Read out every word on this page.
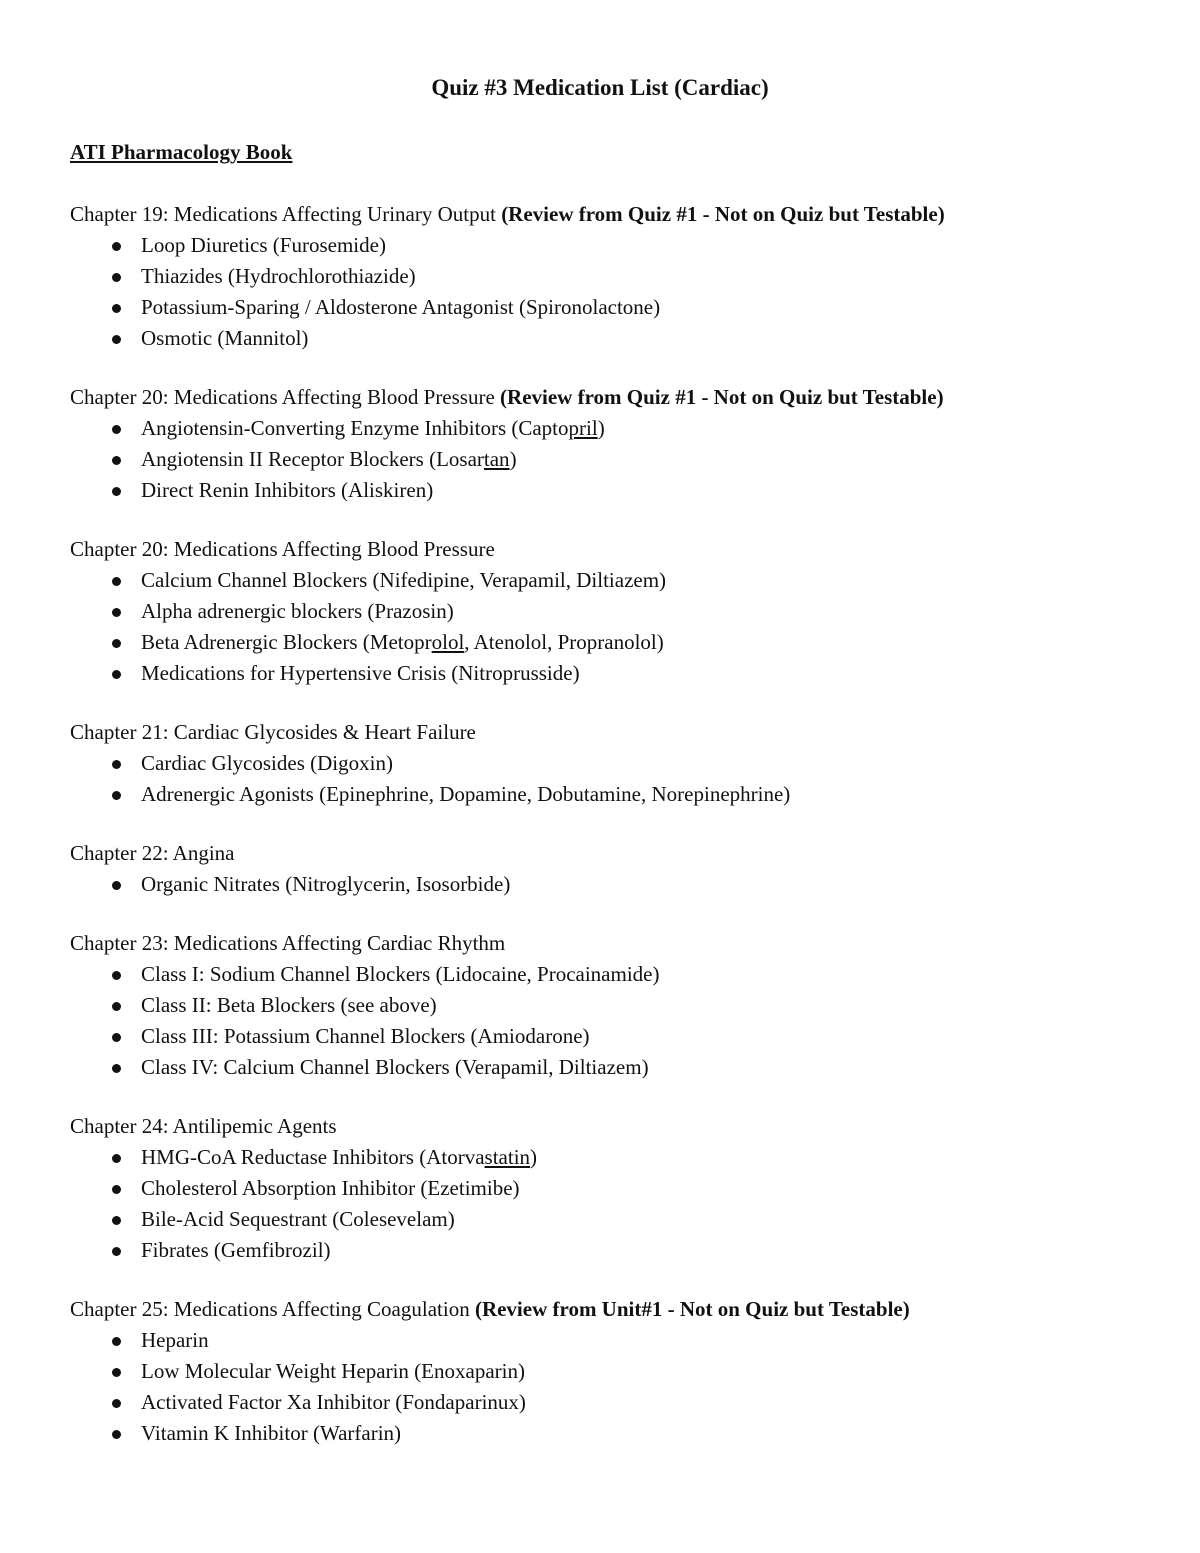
Quiz #3 Medication List (Cardiac)
ATI Pharmacology Book
Chapter 19: Medications Affecting Urinary Output (Review from Quiz #1 - Not on Quiz but Testable)
Loop Diuretics (Furosemide)
Thiazides (Hydrochlorothiazide)
Potassium-Sparing / Aldosterone Antagonist (Spironolactone)
Osmotic (Mannitol)
Chapter 20: Medications Affecting Blood Pressure (Review from Quiz #1 - Not on Quiz but Testable)
Angiotensin-Converting Enzyme Inhibitors (Captopril)
Angiotensin II Receptor Blockers (Losartan)
Direct Renin Inhibitors (Aliskiren)
Chapter 20: Medications Affecting Blood Pressure
Calcium Channel Blockers (Nifedipine, Verapamil, Diltiazem)
Alpha adrenergic blockers (Prazosin)
Beta Adrenergic Blockers (Metoprolol, Atenolol, Propranolol)
Medications for Hypertensive Crisis (Nitroprusside)
Chapter 21: Cardiac Glycosides & Heart Failure
Cardiac Glycosides (Digoxin)
Adrenergic Agonists (Epinephrine, Dopamine, Dobutamine, Norepinephrine)
Chapter 22: Angina
Organic Nitrates (Nitroglycerin, Isosorbide)
Chapter 23: Medications Affecting Cardiac Rhythm
Class I: Sodium Channel Blockers (Lidocaine, Procainamide)
Class II: Beta Blockers (see above)
Class III: Potassium Channel Blockers (Amiodarone)
Class IV: Calcium Channel Blockers (Verapamil, Diltiazem)
Chapter 24: Antilipemic Agents
HMG-CoA Reductase Inhibitors (Atorvastatin)
Cholesterol Absorption Inhibitor (Ezetimibe)
Bile-Acid Sequestrant (Colesevelam)
Fibrates (Gemfibrozil)
Chapter 25: Medications Affecting Coagulation (Review from Unit#1 - Not on Quiz but Testable)
Heparin
Low Molecular Weight Heparin (Enoxaparin)
Activated Factor Xa Inhibitor (Fondaparinux)
Vitamin K Inhibitor (Warfarin)
